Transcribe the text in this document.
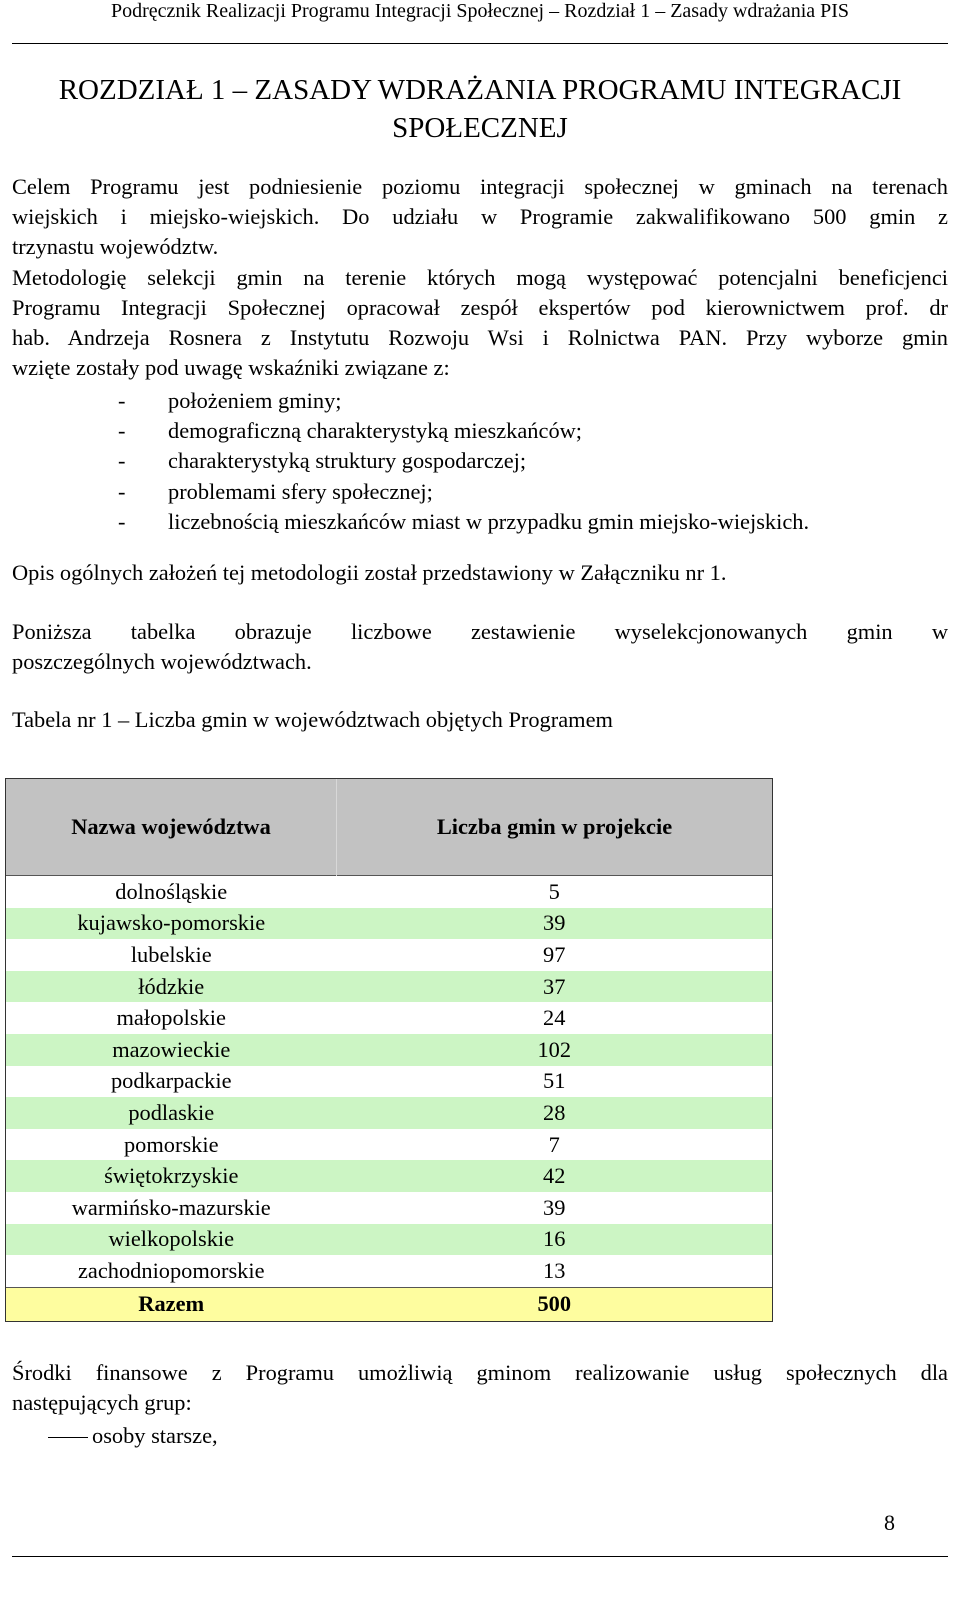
Podręcznik Realizacji Programu Integracji Społecznej – Rozdział 1 – Zasady wdrażania PIS
ROZDZIAŁ 1 – ZASADY WDRAŻANIA PROGRAMU INTEGRACJI
SPOŁECZNEJ
Celem Programu jest podniesienie poziomu integracji społecznej w gminach na terenach
wiejskich i miejsko-wiejskich. Do udziału w Programie zakwalifikowano 500 gmin z
trzynastu województw.
Metodologię selekcji gmin na terenie których mogą występować potencjalni beneficjenci
Programu Integracji Społecznej opracował zespół ekspertów pod kierownictwem prof. dr
hab. Andrzeja Rosnera z Instytutu Rozwoju Wsi i Rolnictwa PAN. Przy wyborze gmin
wzięte zostały pod uwagę wskaźniki związane z:
- położeniem gminy;
- demograficzną charakterystyką mieszkańców;
- charakterystyką struktury gospodarczej;
- problemami sfery społecznej;
- liczebnością mieszkańców miast w przypadku gmin miejsko-wiejskich.
Opis ogólnych założeń tej metodologii został przedstawiony w Załączniku nr 1.
Poniższa tabelka obrazuje liczbowe zestawienie wyselekcjonowanych gmin w
poszczególnych województwach.
Tabela nr 1 – Liczba gmin w województwach objętych Programem
Nazwa województwa	Liczba gmin w projekcie
dolnośląskie	5
kujawsko-pomorskie	39
lubelskie	97
łódzkie	37
małopolskie	24
mazowieckie	102
podkarpackie	51
podlaskie	28
pomorskie	7
świętokrzyskie	42
warmińsko-mazurskie	39
wielkopolskie	16
zachodniopomorskie	13
Razem	500
Środki finansowe z Programu umożliwią gminom realizowanie usług społecznych dla
następujących grup:
osoby starsze,
8
